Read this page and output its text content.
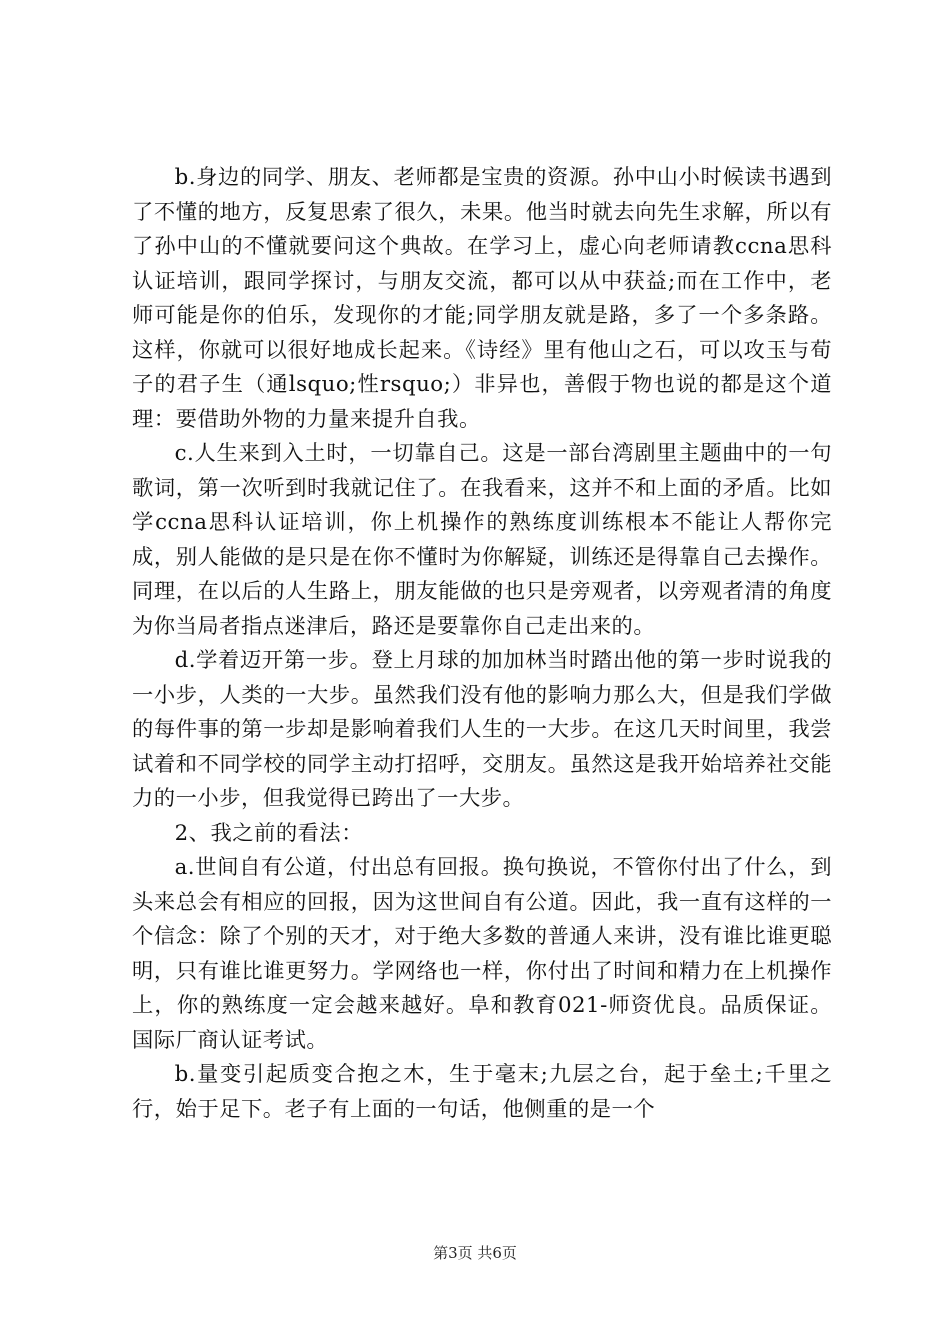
b.身边的同学、朋友、老师都是宝贵的资源。孙中山小时候读书遇到了不懂的地方，反复思索了很久，未果。他当时就去向先生求解，所以有了孙中山的不懂就要问这个典故。在学习上，虚心向老师请教ccna思科认证培训，跟同学探讨，与朋友交流，都可以从中获益;而在工作中，老师可能是你的伯乐，发现你的才能;同学朋友就是路，多了一个多条路。这样，你就可以很好地成长起来。《诗经》里有他山之石，可以攻玉与荀子的君子生（通lsquo;性rsquo;）非异也，善假于物也说的都是这个道理：要借助外物的力量来提升自我。

c.人生来到入土时，一切靠自己。这是一部台湾剧里主题曲中的一句歌词，第一次听到时我就记住了。在我看来，这并不和上面的矛盾。比如学ccna思科认证培训，你上机操作的熟练度训练根本不能让人帮你完成，别人能做的是只是在你不懂时为你解疑，训练还是得靠自己去操作。同理，在以后的人生路上，朋友能做的也只是旁观者，以旁观者清的角度为你当局者指点迷津后，路还是要靠你自己走出来的。

d.学着迈开第一步。登上月球的加加林当时踏出他的第一步时说我的一小步，人类的一大步。虽然我们没有他的影响力那么大，但是我们学做的每件事的第一步却是影响着我们人生的一大步。在这几天时间里，我尝试着和不同学校的同学主动打招呼，交朋友。虽然这是我开始培养社交能力的一小步，但我觉得已跨出了一大步。

2、我之前的看法：

a.世间自有公道，付出总有回报。换句换说，不管你付出了什么，到头来总会有相应的回报，因为这世间自有公道。因此，我一直有这样的一个信念：除了个别的天才，对于绝大多数的普通人来讲，没有谁比谁更聪明，只有谁比谁更努力。学网络也一样，你付出了时间和精力在上机操作上，你的熟练度一定会越来越好。阜和教育021-师资优良。品质保证。国际厂商认证考试。

b.量变引起质变合抱之木，生于毫末;九层之台，起于垒土;千里之行，始于足下。老子有上面的一句话，他侧重的是一个

第3页 共6页
